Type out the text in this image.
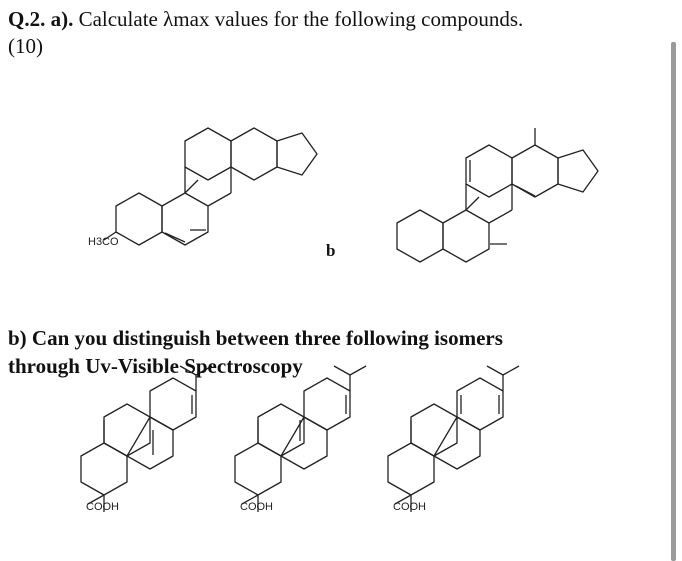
Q.2. a). Calculate λmax values for the following compounds.
(10)
H3CO	b
COOH	COOH	COOH
b) Can you distinguish between three following isomers
through Uv-Visible Spectroscopy
